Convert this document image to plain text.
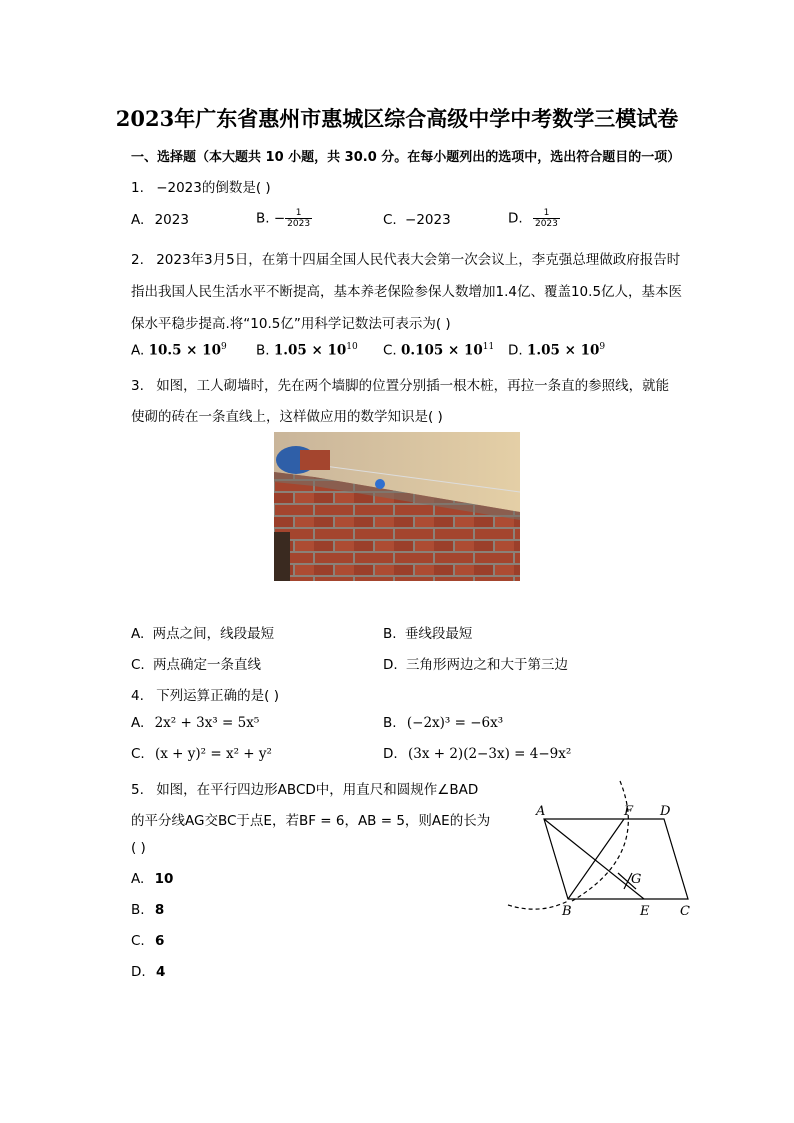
2023年广东省惠州市惠城区综合高级中学中考数学三模试卷
一、选择题（本大题共 10 小题，共 30.0 分。在每小题列出的选项中，选出符合题目的一项）
1. −2023的倒数是( )
A. 2023	B. − $\frac{1}{2023}$	C. −2023	D. $\frac{1}{2023}$
2. 2023年3月5日，在第十四届全国人民代表大会第一次会议上，李克强总理做政府报告时
指出我国人民生活水平不断提高，基本养老保险参保人数增加1.4亿、覆盖10.5亿人，基本医
保水平稳步提高.将“10.5亿”用科学记数法可表示为( )
A. $10.5 \times 10^9$ B. $1.05 \times 10^{10}$ C. $0.105 \times 10^{11}$ D. $1.05 \times 10^9$
3. 如图，工人砌墙时，先在两个墙脚的位置分别插一根木桩，再拉一条直的参照线，就能
使砌的砖在一条直线上，这样做应用的数学知识是( )
A. 两点之间，线段最短	B. 垂线段最短
C. 两点确定一条直线	D. 三角形两边之和大于第三边
4. 下列运算正确的是( )
A. 2x² + 3x³ = 5x⁵	B. (−2x)³ = −6x³
C. (x + y)² = x² + y²	D. (3x + 2)(2−3x) = 4−9x²
5. 如图，在平行四边形ABCD中，用直尺和圆规作∠BAD
的平分线AG交BC于点E，若BF = 6，AB = 5，则AE的长为
( )
A. 10
B. 8
C. 6
D. 4
A	F D
G
B	E C
